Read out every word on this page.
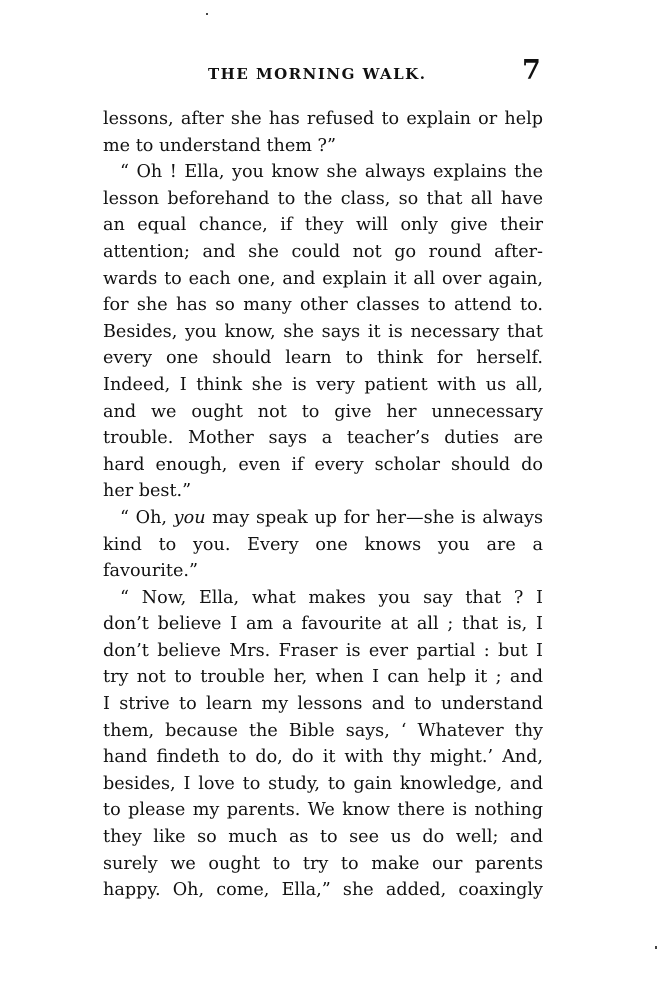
THE MORNING WALK.	7
lessons, after she has refused to explain or help
me to understand them ?”
“ Oh ! Ella, you know she always explains the
lesson beforehand to the class, so that all have
an equal chance, if they will only give their
attention; and she could not go round after-
wards to each one, and explain it all over again,
for she has so many other classes to attend to.
Besides, you know, she says it is necessary that
every one should learn to think for herself.
Indeed, I think she is very patient with us all,
and we ought not to give her unnecessary
trouble. Mother says a teacher’s duties are
hard enough, even if every scholar should do
her best.”
“ Oh, you may speak up for her—she is always
kind to you. Every one knows you are a
favourite.”
“ Now, Ella, what makes you say that ? I
don’t believe I am a favourite at all ; that is, I
don’t believe Mrs. Fraser is ever partial : but I
try not to trouble her, when I can help it ; and
I strive to learn my lessons and to understand
them, because the Bible says, ‘ Whatever thy
hand findeth to do, do it with thy might.’ And,
besides, I love to study, to gain knowledge, and
to please my parents. We know there is nothing
they like so much as to see us do well; and
surely we ought to try to make our parents
happy. Oh, come, Ella,” she added, coaxingly
